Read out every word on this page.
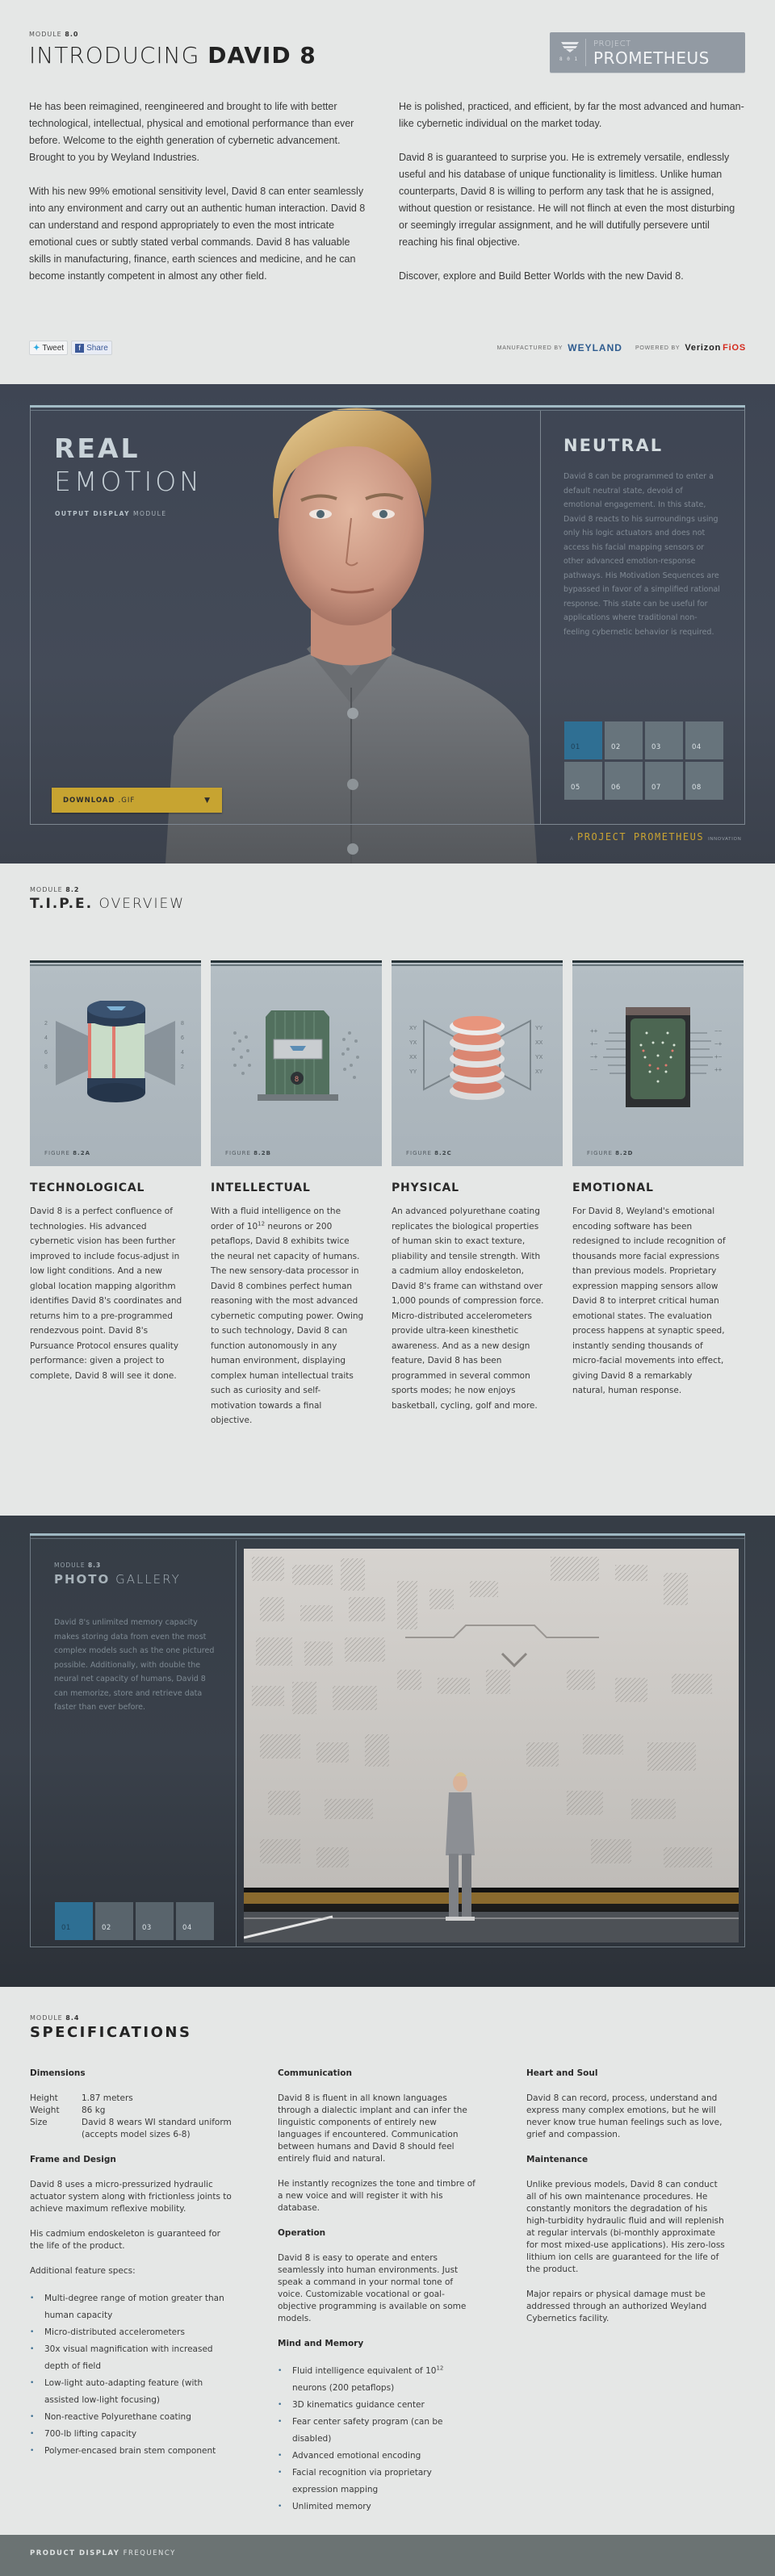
MODULE 8.0
INTRODUCING DAVID 8	8 0 1
PROJECT
PROMETHEUS

He has been reimagined, reengineered and brought to life with better technological, intellectual, physical and emotional performance than ever before. Welcome to the eighth generation of cybernetic advancement. Brought to you by Weyland Industries.

With his new 99% emotional sensitivity level, David 8 can enter seamlessly into any environment and carry out an authentic human interaction. David 8 can understand and respond appropriately to even the most intricate emotional cues or subtly stated verbal commands. David 8 has valuable skills in manufacturing, finance, earth sciences and medicine, and he can become instantly competent in almost any other field.

He is polished, practiced, and efficient, by far the most advanced and human-like cybernetic individual on the market today.

David 8 is guaranteed to surprise you. He is extremely versatile, endlessly useful and his database of unique functionality is limitless. Unlike human counterparts, David 8 is willing to perform any task that he is assigned, without question or resistance. He will not flinch at even the most disturbing or seemingly irregular assignment, and he will dutifully persevere until reaching his final objective.

Discover, explore and Build Better Worlds with the new David 8.

✦ Tweet	f Share	MANUFACTURED BY WEYLAND POWERED BY Verizon FiOS
REAL
EMOTION
OUTPUT DISPLAY MODULE
DOWNLOAD .GIF	▼
NEUTRAL
David 8 can be programmed to enter a default neutral state, devoid of emotional engagement. In this state, David 8 reacts to his surroundings using only his logic actuators and does not access his facial mapping sensors or other advanced emotion-response pathways. His Motivation Sequences are bypassed in favor of a simplified rational response. This state can be useful for applications where traditional non-feeling cybernetic behavior is required.
01	02	03	04
05	06	07	08
A PROJECT PROMETHEUS INNOVATION
MODULE 8.2
T.I.P.E. OVERVIEW
2
4
6
8
8
6
4
2
FIGURE 8.2A
8
FIGURE 8.2B
XY
YX
XX
YY
YY
XX
YX
XY
FIGURE 8.2C
++
+−
−+
−−
−−
−+
+−
++
FIGURE 8.2D
TECHNOLOGICAL

David 8 is a perfect confluence of technologies. His advanced cybernetic vision has been further improved to include focus-adjust in low light conditions. And a new global location mapping algorithm identifies David 8's coordinates and returns him to a pre-programmed rendezvous point. David 8's Pursuance Protocol ensures quality performance: given a project to complete, David 8 will see it done.

INTELLECTUAL

With a fluid intelligence on the order of $10^{12}$ neurons or 200 petaflops, David 8 exhibits twice the neural net capacity of humans. The new sensory-data processor in David 8 combines perfect human reasoning with the most advanced cybernetic computing power. Owing to such technology, David 8 can function autonomously in any human environment, displaying complex human intellectual traits such as curiosity and self-motivation towards a final objective.

PHYSICAL

An advanced polyurethane coating replicates the biological properties of human skin to exact texture, pliability and tensile strength. With a cadmium alloy endoskeleton, David 8's frame can withstand over 1,000 pounds of compression force. Micro-distributed accelerometers provide ultra-keen kinesthetic awareness. And as a new design feature, David 8 has been programmed in several common sports modes; he now enjoys basketball, cycling, golf and more.

EMOTIONAL

For David 8, Weyland's emotional encoding software has been redesigned to include recognition of thousands more facial expressions than previous models. Proprietary expression mapping sensors allow David 8 to interpret critical human emotional states. The evaluation process happens at synaptic speed, instantly sending thousands of micro-facial movements into effect, giving David 8 a remarkably natural, human response.

MODULE 8.3
PHOTO GALLERY

David 8's unlimited memory capacity makes storing data from even the most complex models such as the one pictured possible. Additionally, with double the neural net capacity of humans, David 8 can memorize, store and retrieve data faster than ever before.

01	02	03	04
MODULE 8.4
SPECIFICATIONS
Dimensions
Height	1.87 meters
Weight	86 kg
Size	David 8 wears WI standard uniform (accepts model sizes 6-8)
Frame and Design

David 8 uses a micro-pressurized hydraulic actuator system along with frictionless joints to achieve maximum reflexive mobility.

His cadmium endoskeleton is guaranteed for the life of the product.

Additional feature specs:

• Multi-degree range of motion greater than human capacity
• Micro-distributed accelerometers
• 30x visual magnification with increased depth of field
• Low-light auto-adapting feature (with assisted low-light focusing)
• Non-reactive Polyurethane coating
• 700-lb lifting capacity
• Polymer-encased brain stem component
Communication

David 8 is fluent in all known languages through a dialectic implant and can infer the linguistic components of entirely new languages if encountered. Communication between humans and David 8 should feel entirely fluid and natural.

He instantly recognizes the tone and timbre of a new voice and will register it with his database.

Operation

David 8 is easy to operate and enters seamlessly into human environments. Just speak a command in your normal tone of voice. Customizable vocational or goal-objective programming is available on some models.

Mind and Memory
• Fluid intelligence equivalent of $10^{12}$ neurons (200 petaflops)
• 3D kinematics guidance center
• Fear center safety program (can be disabled)
• Advanced emotional encoding
• Facial recognition via proprietary expression mapping
• Unlimited memory
Heart and Soul

David 8 can record, process, understand and express many complex emotions, but he will never know true human feelings such as love, grief and compassion.

Maintenance

Unlike previous models, David 8 can conduct all of his own maintenance procedures. He constantly monitors the degradation of his high-turbidity hydraulic fluid and will replenish at regular intervals (bi-monthly approximate for most mixed-use applications). His zero-loss lithium ion cells are guaranteed for the life of the product.

Major repairs or physical damage must be addressed through an authorized Weyland Cybernetics facility.

PRODUCT DISPLAY FREQUENCY
